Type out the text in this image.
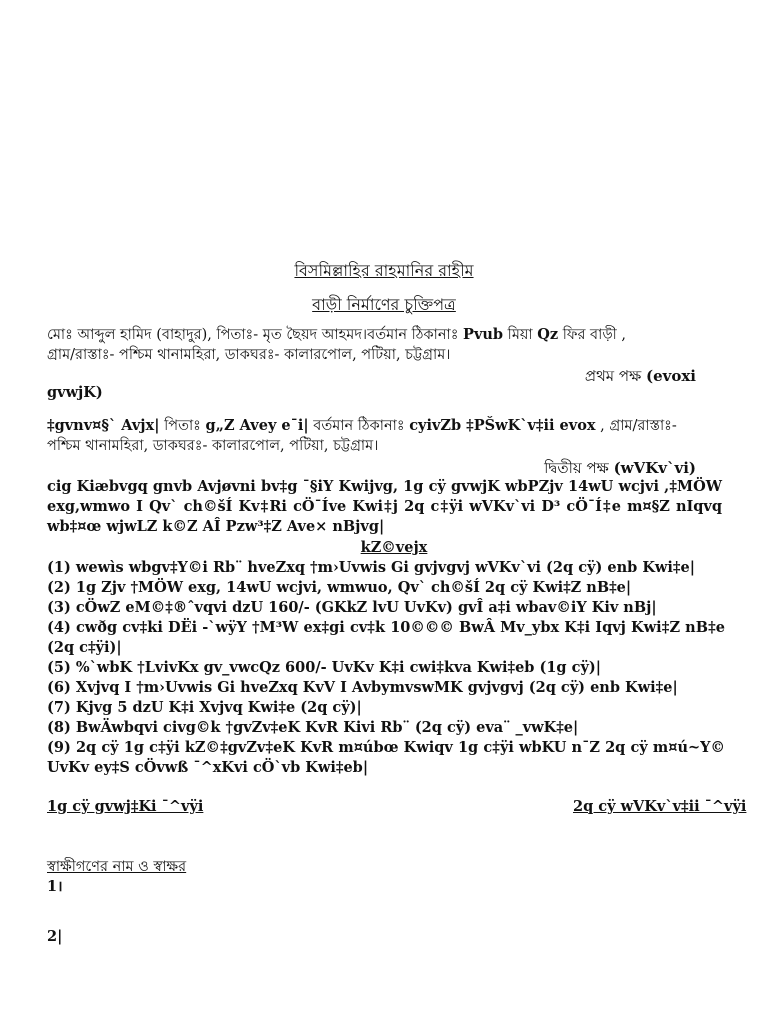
বিসমিল্লাহির রাহমানির রাহীম
বাড়ী নির্মাণের চুক্তিপত্র
মোঃ আব্দুল হামিদ (বাহাদুর), পিতাঃ- মৃত ছৈয়দ আহমদ।বর্তমান ঠিকানাঃ Pvub মিয়া Qz ফির বাড়ী ,
গ্রাম/রাস্তাঃ- পশ্চিম থানামহিরা, ডাকঘরঃ- কালারপোল, পটিয়া, চট্টগ্রাম।
প্রথম পক্ষ (evoxi
gvwjK)
‡gvnv¤§` Avjx| পিতাঃ g„Z Avey e¯i| বর্তমান ঠিকানাঃ cyivZb ‡PŠwK`v‡ii evox , গ্রাম/রাস্তাঃ-
পশ্চিম থানামহিরা, ডাকঘরঃ- কালারপোল, পটিয়া, চট্টগ্রাম।
দ্বিতীয় পক্ষ (wVKv`vi)
cig Kiæbvgq gnvb Avjøvni bv‡g ¯§iY Kwijvg, 1g cÿ gvwjK wbPZjv 14wU wcjvi ,‡MÖW exg,wmwo I Qv` ch©šÍ Kv‡Ri cÖ¯Íve Kwi‡j 2q c‡ÿi wVKv`vi D³ cÖ¯Í‡e m¤§Z nIqvq wb‡¤œ wjwLZ k©Z AÎ Pzw³‡Z Ave× nBjvg|
kZ©vejx
(1) wewìs wbgv‡Y©i Rb¨ hveZxq †m›Uvwis Gi gvjvgvj wVKv`vi (2q cÿ) enb Kwi‡e|
(2) 1g Zjv †MÖW exg, 14wU wcjvi, wmwuo, Qv` ch©šÍ 2q cÿ Kwi‡Z nB‡e|
(3) cÖwZ eM©‡®ˆvqvi dzU 160/- (GKkZ lvU UvKv) gvÎ a‡i wbav©iY Kiv nBj|
(4) cwðg cv‡ki DËi -`wÿY †M³W ex‡gi cv‡k 10©©© BwÂ Mv_ybx K‡i Iqvj Kwi‡Z nB‡e (2q c‡ÿi)|
(5) %`wbK †LvivKx gv_vwcQz 600/- UvKv K‡i cwi‡kva Kwi‡eb (1g cÿ)|
(6) Xvjvq I †m›Uvwis Gi hveZxq KvV I AvbymvswMK gvjvgvj (2q cÿ) enb Kwi‡e|
(7) Kjvg 5 dzU K‡i Xvjvq Kwi‡e (2q cÿ)|
(8) BwÄwbqvi civg©k †gvZv‡eK KvR Kivi Rb¨ (2q cÿ) eva¨ _vwK‡e|
(9) 2q cÿ 1g c‡ÿi kZ©‡gvZv‡eK KvR m¤úbœ Kwiqv 1g c‡ÿi wbKU n¯Z 2q cÿ m¤ú~Y© UvKv ey‡S cÖvwß ¯^xKvi cÖ`vb Kwi‡eb|
1g cÿ gvwj‡Ki ¯^vÿi	2q cÿ wVKv`v‡ii ¯^vÿi
স্বাক্ষীগণের নাম ও স্বাক্ষর
1।
2|
